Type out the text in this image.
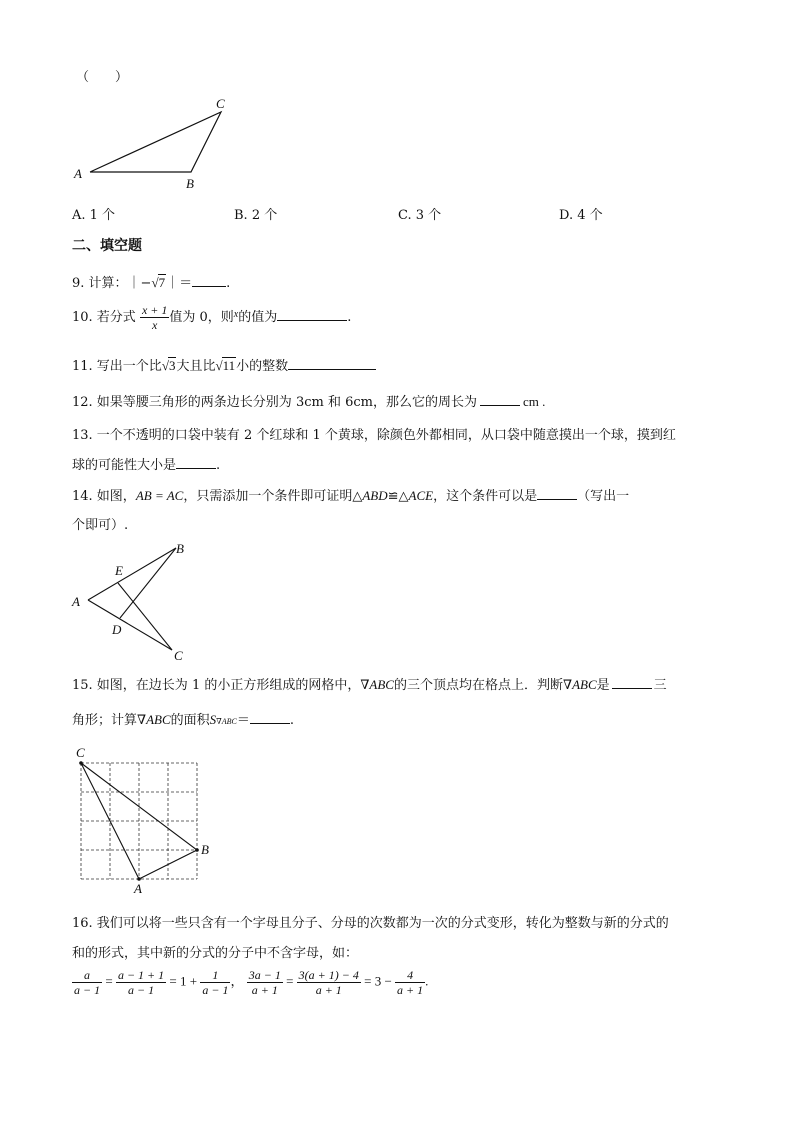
（　　）
A
B
C
A. 1 个	B. 2 个	C. 3 个	D. 4 个
二、填空题
9. 计算：｜−√7｜＝	.
10. 若分式 $\frac{x + 1}{x}$ 值为 0，则$^x$的值为	.
11. 写出一个比√3大且比√11小的整数
12. 如果等腰三角形的两条边长分别为 3cm 和 6cm，那么它的周长为	cm .
13. 一个不透明的口袋中装有 2 个红球和 1 个黄球，除颜色外都相同，从口袋中随意摸出一个球，摸到红
球的可能性大小是	.
14. 如图，AB = AC，只需添加一个条件即可证明△ABD≌△ACE，这个条件可以是	（写出一
个即可）.
A
B
C
D
E
15. 如图，在边长为 1 的小正方形组成的网格中，∇ABC的三个顶点均在格点上．判断∇ABC是	三
角形；计算∇ABC的面积S∇ABC＝	.
C
B
A
16. 我们可以将一些只含有一个字母且分子、分母的次数都为一次的分式变形，转化为整数与新的分式的
和的形式，其中新的分式的分子中不含字母，如：
$\frac{a}{a - 1} = \frac{a - 1 + 1}{a - 1} = 1 + \frac{1}{a - 1}$ ， $\frac{3a - 1}{a + 1} = \frac{3(a + 1) - 4}{a + 1} = 3 - \frac{4}{a + 1}$ .
